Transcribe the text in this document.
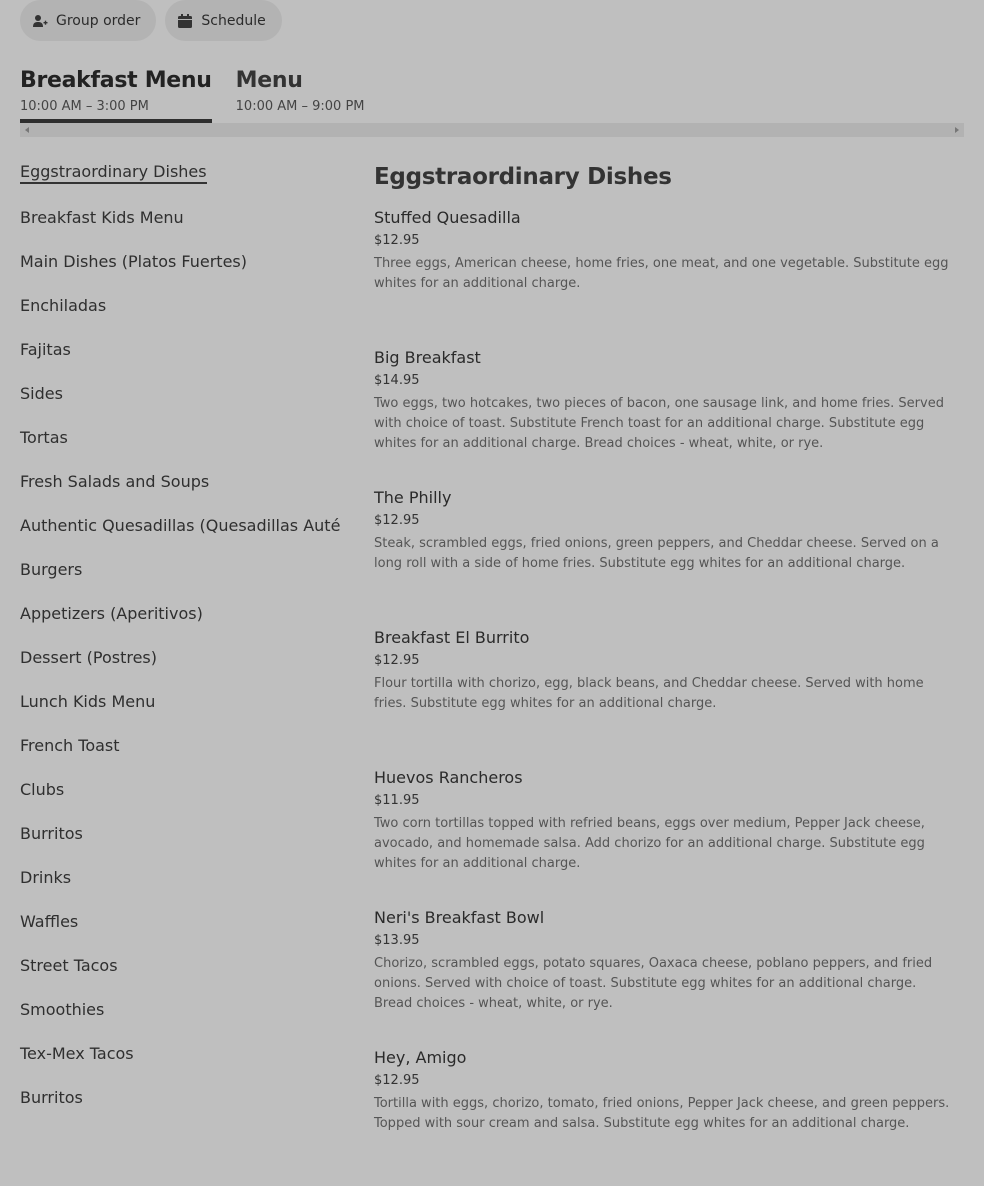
Group order	Schedule
Breakfast Menu
10:00 AM – 3:00 PM
Menu
10:00 AM – 9:00 PM
Eggstraordinary Dishes
Breakfast Kids Menu
Main Dishes (Platos Fuertes)
Enchiladas
Fajitas
Sides
Tortas
Fresh Salads and Soups
Authentic Quesadillas (Quesadillas Auté
Burgers
Appetizers (Aperitivos)
Dessert (Postres)
Lunch Kids Menu
French Toast
Clubs
Burritos
Drinks
Waffles
Street Tacos
Smoothies
Tex-Mex Tacos
Burritos
Eggstraordinary Dishes
Stuffed Quesadilla
$12.95
Three eggs, American cheese, home fries, one meat, and one vegetable. Substitute egg whites for an additional charge.
Big Breakfast
$14.95
Two eggs, two hotcakes, two pieces of bacon, one sausage link, and home fries. Served with choice of toast. Substitute French toast for an additional charge. Substitute egg whites for an additional charge. Bread choices - wheat, white, or rye.
The Philly
$12.95
Steak, scrambled eggs, fried onions, green peppers, and Cheddar cheese. Served on a long roll with a side of home fries. Substitute egg whites for an additional charge.
Breakfast El Burrito
$12.95
Flour tortilla with chorizo, egg, black beans, and Cheddar cheese. Served with home fries. Substitute egg whites for an additional charge.
Huevos Rancheros
$11.95
Two corn tortillas topped with refried beans, eggs over medium, Pepper Jack cheese, avocado, and homemade salsa. Add chorizo for an additional charge. Substitute egg whites for an additional charge.
Neri's Breakfast Bowl
$13.95
Chorizo, scrambled eggs, potato squares, Oaxaca cheese, poblano peppers, and fried onions. Served with choice of toast. Substitute egg whites for an additional charge. Bread choices - wheat, white, or rye.
Hey, Amigo
$12.95
Tortilla with eggs, chorizo, tomato, fried onions, Pepper Jack cheese, and green peppers. Topped with sour cream and salsa. Substitute egg whites for an additional charge.
